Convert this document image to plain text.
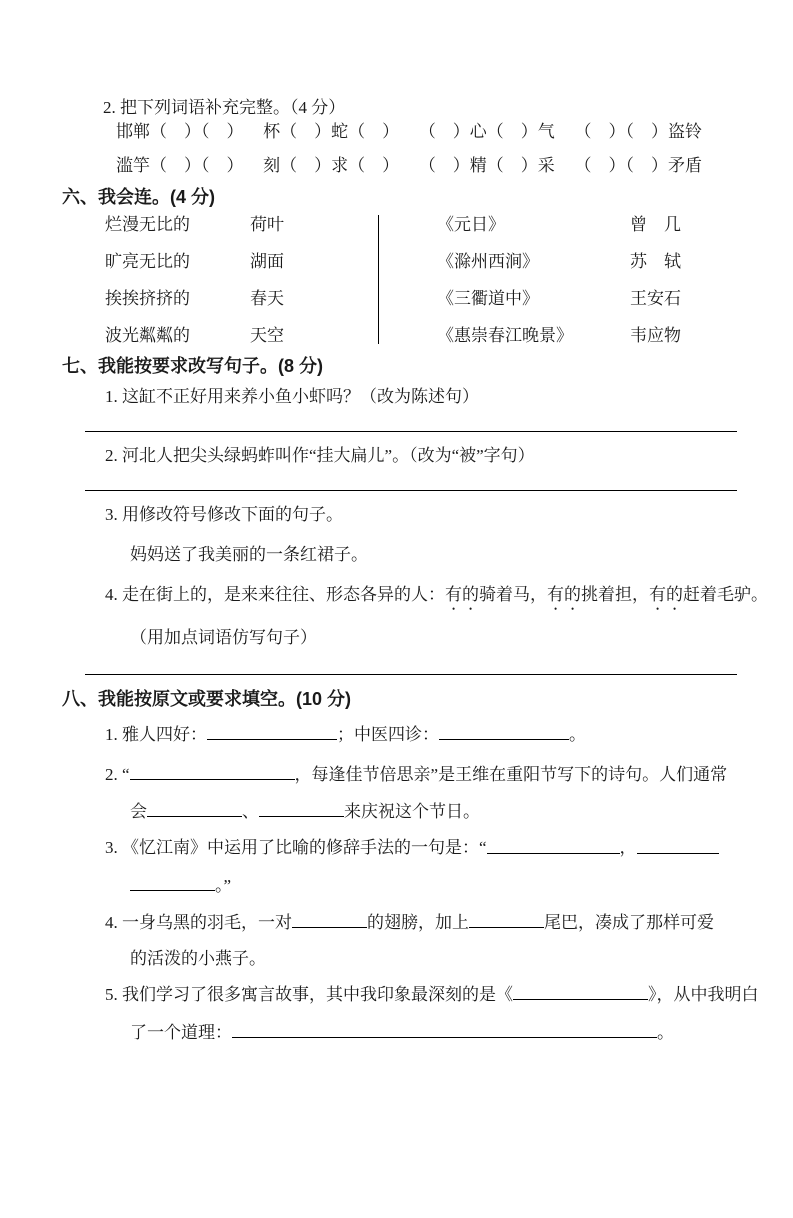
2. 把下列词语补充完整。（4 分）
邯郸（　）（　） 杯（　）蛇（　） （　）心（　）气 （　）（　）盗铃
滥竽（　）（　） 刻（　）求（　） （　）精（　）采 （　）（　）矛盾
六、我会连。(4 分)
烂漫无比的	荷叶
旷亮无比的	湖面
挨挨挤挤的	春天
波光粼粼的	天空
《元日》	曾　几
《滁州西涧》	苏　轼
《三衢道中》	王安石
《惠崇春江晚景》	韦应物
七、我能按要求改写句子。(8 分)
1. 这缸不正好用来养小鱼小虾吗？（改为陈述句）
2. 河北人把尖头绿蚂蚱叫作“挂大扁儿”。（改为“被”字句）
3. 用修改符号修改下面的句子。
妈妈送了我美丽的一条红裙子。
4. 走在街上的，是来来往往、形态各异的人：有的骑着马，有的挑着担，有的赶着毛驴。
（用加点词语仿写句子）
八、我能按原文或要求填空。(10 分)
1. 雅人四好：	；中医四诊：	。
2. “	，每逢佳节倍思亲”是王维在重阳节写下的诗句。人们通常
会	、	来庆祝这个节日。
3. 《忆江南》中运用了比喻的修辞手法的一句是：“	，
。”
4. 一身乌黑的羽毛，一对	的翅膀，加上	尾巴，凑成了那样可爱
的活泼的小燕子。
5. 我们学习了很多寓言故事，其中我印象最深刻的是《	》，从中我明白
了一个道理：	。
